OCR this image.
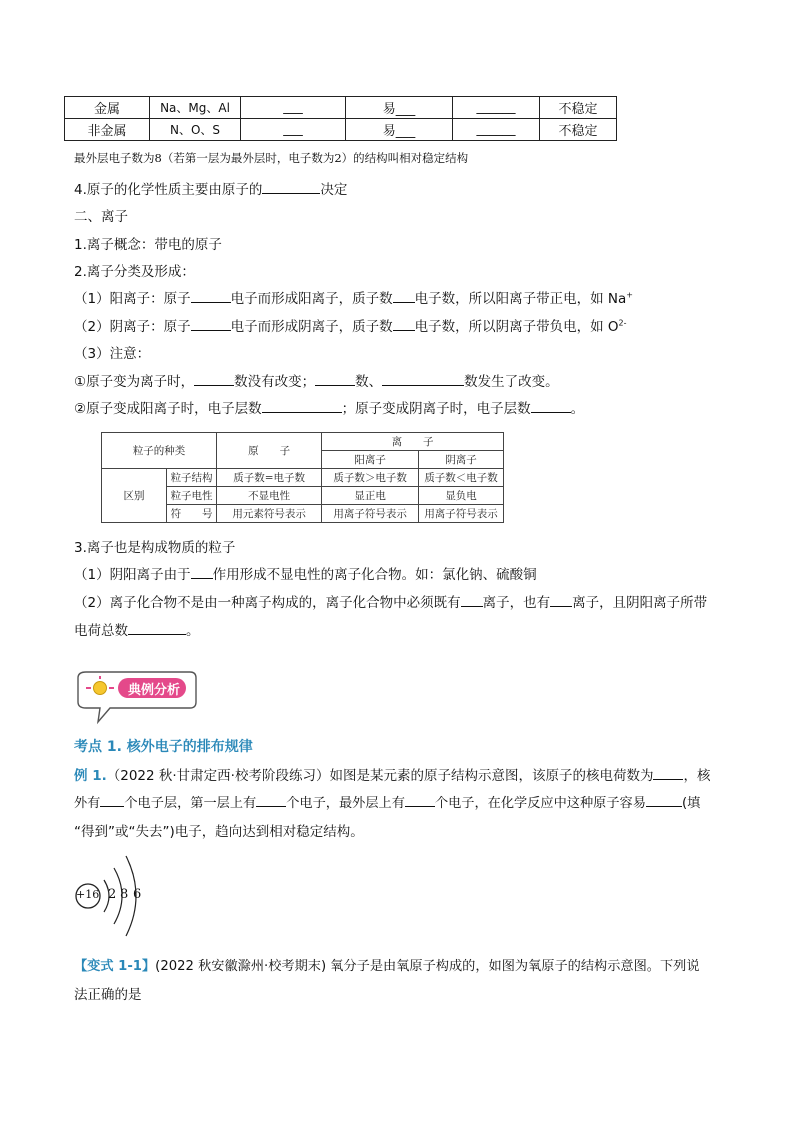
金属	Na、Mg、Al	___	易___	______	不稳定
非金属	N、O、S	___	易___	______	不稳定
最外层电子数为8（若第一层为最外层时，电子数为2）的结构叫相对稳定结构
4.原子的化学性质主要由原子的	决定
二、离子
1.离子概念：带电的原子
2.离子分类及形成：
（1）阳离子：原子	电子而形成阳离子，质子数 电子数，所以阳离子带正电，如 Na+
（2）阴离子：原子	电子而形成阴离子，质子数 电子数，所以阴离子带负电，如 $O^{2-}$
（3）注意：
①原子变为离子时，	数没有改变；	数、	数发生了改变。
②原子变成阳离子时，电子层数	；原子变成阴离子时，电子层数	。
粒子的种类		原　　子	离　　子	
			阳离子	阴离子
区别	粒子结构	质子数=电子数	质子数＞电子数	质子数＜电子数
	粒子电性	不显电性	显正电	显负电
	符　　号	用元素符号表示	用离子符号表示	用离子符号表示
3.离子也是构成物质的粒子
（1）阴阳离子由于 作用形成不显电性的离子化合物。如：氯化钠、硫酸铜
（2）离子化合物不是由一种离子构成的，离子化合物中必须既有 离子，也有 离子，且阴阳离子所带
电荷总数	。
典例分析
考点 1. 核外电子的排布规律
例 1.（2022 秋·甘肃定西·校考阶段练习）如图是某元素的原子结构示意图，该原子的核电荷数为 ，核
外有 个电子层，第一层上有 个电子，最外层上有 个电子，在化学反应中这种原子容易	(填
“得到”或“失去”)电子，趋向达到相对稳定结构。
+16 2 8 6
【变式 1-1】(2022 秋安徽滁州·校考期末) 氧分子是由氧原子构成的，如图为氧原子的结构示意图。下列说
法正确的是
